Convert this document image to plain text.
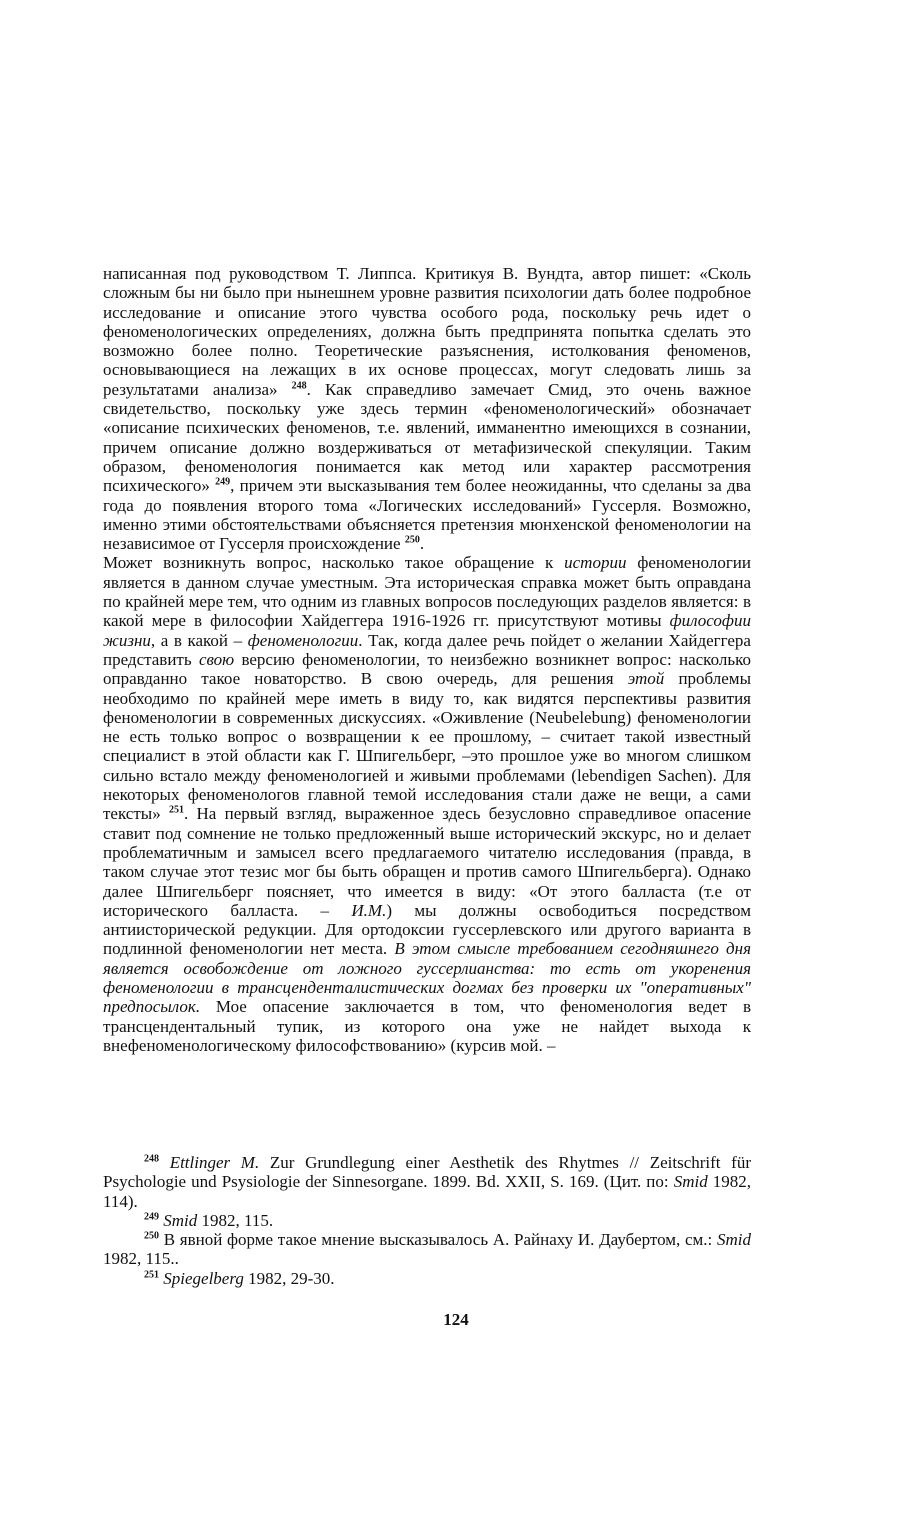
написанная под руководством Т. Липпса. Критикуя В. Вундта, автор пишет: «Сколь сложным бы ни было при нынешнем уровне развития психологии дать более подробное исследование и описание этого чувства особого рода, поскольку речь идет о феноменологических определениях, должна быть предпринята попытка сделать это возможно более полно. Теоретические разъяснения, истолкования феноменов, основывающиеся на лежащих в их основе процессах, могут следовать лишь за результатами анализа» $^{248}$. Как справедливо замечает Смид, это очень важное свидетельство, поскольку уже здесь термин «феноменологический» обозначает «описание психических феноменов, т.е. явлений, имманентно имеющихся в сознании, причем описание должно воздерживаться от метафизической спекуляции. Таким образом, феноменология понимается как метод или характер рассмотрения психического» $^{249}$, причем эти высказывания тем более неожиданны, что сделаны за два года до появления второго тома «Логических исследований» Гуссерля. Возможно, именно этими обстоятельствами объясняется претензия мюнхенской феноменологии на независимое от Гуссерля происхождение $^{250}$.

Может возникнуть вопрос, насколько такое обращение к истории феноменологии является в данном случае уместным. Эта историческая справка может быть оправдана по крайней мере тем, что одним из главных вопросов последующих разделов является: в какой мере в философии Хайдеггера 1916-1926 гг. присутствуют мотивы философии жизни, а в какой – феноменологии. Так, когда далее речь пойдет о желании Хайдеггера представить свою версию феноменологии, то неизбежно возникнет вопрос: насколько оправданно такое новаторство. В свою очередь, для решения этой проблемы необходимо по крайней мере иметь в виду то, как видятся перспективы развития феноменологии в современных дискуссиях. «Оживление (Neubelebung) феноменологии не есть только вопрос о возвращении к ее прошлому, – считает такой известный специалист в этой области как Г. Шпигельберг, –это прошлое уже во многом слишком сильно встало между феноменологией и живыми проблемами (lebendigen Sachen). Для некоторых феноменологов главной темой исследования стали даже не вещи, а сами тексты» $^{251}$. На первый взгляд, выраженное здесь безусловно справедливое опасение ставит под сомнение не только предложенный выше исторический экскурс, но и делает проблематичным и замысел всего предлагаемого читателю исследования (правда, в таком случае этот тезис мог бы быть обращен и против самого Шпигельберга). Однако далее Шпигельберг поясняет, что имеется в виду: «От этого балласта (т.е от исторического балласта. – И.М.) мы должны освободиться посредством антиисторической редукции. Для ортодоксии гуссерлевского или другого варианта в подлинной феноменологии нет места. В этом смысле требованием сегодняшнего дня является освобождение от ложного гуссерлианства: то есть от укоренения феноменологии в трансценденталистических догмах без проверки их "оперативных" предпосылок. Мое опасение заключается в том, что феноменология ведет в трансцендентальный тупик, из которого она уже не найдет выхода к внефеноменологическому философствованию» (курсив мой. –

$^{248}$ Ettlinger M. Zur Grundlegung einer Aesthetik des Rhytmes // Zeitschrift für Psychologie und Psysiologie der Sinnesorgane. 1899. Bd. XXII, S. 169. (Цит. по: Smid 1982, 114).

$^{249}$ Smid 1982, 115.

$^{250}$ В явной форме такое мнение высказывалось А. Райнаху И. Даубертом, см.: Smid 1982, 115..

$^{251}$ Spiegelberg 1982, 29-30.

124
